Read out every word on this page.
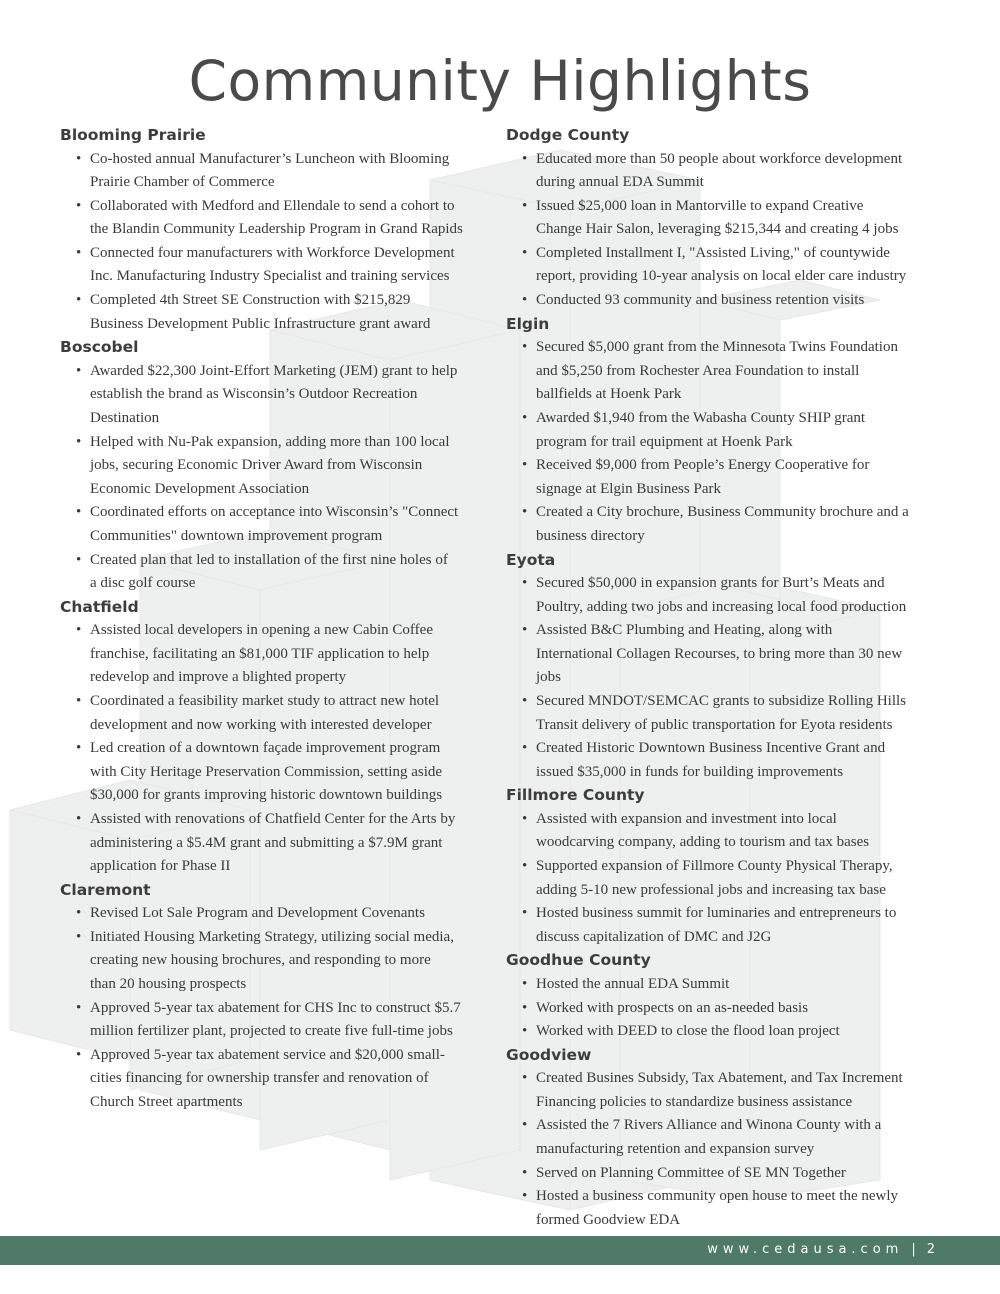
Community Highlights
Blooming Prairie
• Co-hosted annual Manufacturer’s Luncheon with Blooming
Prairie Chamber of Commerce
• Collaborated with Medford and Ellendale to send a cohort to
the Blandin Community Leadership Program in Grand Rapids
• Connected four manufacturers with Workforce Development
Inc. Manufacturing Industry Specialist and training services
• Completed 4th Street SE Construction with $215,829
Business Development Public Infrastructure grant award
Boscobel
• Awarded $22,300 Joint-Effort Marketing (JEM) grant to help
establish the brand as Wisconsin’s Outdoor Recreation
Destination
• Helped with Nu-Pak expansion, adding more than 100 local
jobs, securing Economic Driver Award from Wisconsin
Economic Development Association
• Coordinated efforts on acceptance into Wisconsin’s "Connect
Communities" downtown improvement program
• Created plan that led to installation of the first nine holes of
a disc golf course
Chatfield
• Assisted local developers in opening a new Cabin Coffee
franchise, facilitating an $81,000 TIF application to help
redevelop and improve a blighted property
• Coordinated a feasibility market study to attract new hotel
development and now working with interested developer
• Led creation of a downtown façade improvement program
with City Heritage Preservation Commission, setting aside
$30,000 for grants improving historic downtown buildings
• Assisted with renovations of Chatfield Center for the Arts by
administering a $5.4M grant and submitting a $7.9M grant
application for Phase II
Claremont
• Revised Lot Sale Program and Development Covenants
• Initiated Housing Marketing Strategy, utilizing social media,
creating new housing brochures, and responding to more
than 20 housing prospects
• Approved 5-year tax abatement for CHS Inc to construct $5.7
million fertilizer plant, projected to create five full-time jobs
• Approved 5-year tax abatement service and $20,000 small-
cities financing for ownership transfer and renovation of
Church Street apartments
Dodge County
• Educated more than 50 people about workforce development
during annual EDA Summit
• Issued $25,000 loan in Mantorville to expand Creative
Change Hair Salon, leveraging $215,344 and creating 4 jobs
• Completed Installment I, "Assisted Living," of countywide
report, providing 10-year analysis on local elder care industry
• Conducted 93 community and business retention visits
Elgin
• Secured $5,000 grant from the Minnesota Twins Foundation
and $5,250 from Rochester Area Foundation to install
ballfields at Hoenk Park
• Awarded $1,940 from the Wabasha County SHIP grant
program for trail equipment at Hoenk Park
• Received $9,000 from People’s Energy Cooperative for
signage at Elgin Business Park
• Created a City brochure, Business Community brochure and a
business directory
Eyota
• Secured $50,000 in expansion grants for Burt’s Meats and
Poultry, adding two jobs and increasing local food production
• Assisted B&C Plumbing and Heating, along with
International Collagen Recourses, to bring more than 30 new
jobs
• Secured MNDOT/SEMCAC grants to subsidize Rolling Hills
Transit delivery of public transportation for Eyota residents
• Created Historic Downtown Business Incentive Grant and
issued $35,000 in funds for building improvements
Fillmore County
• Assisted with expansion and investment into local
woodcarving company, adding to tourism and tax bases
• Supported expansion of Fillmore County Physical Therapy,
adding 5-10 new professional jobs and increasing tax base
• Hosted business summit for luminaries and entrepreneurs to
discuss capitalization of DMC and J2G
Goodhue County
• Hosted the annual EDA Summit
• Worked with prospects on an as-needed basis
• Worked with DEED to close the flood loan project
Goodview
• Created Busines Subsidy, Tax Abatement, and Tax Increment
Financing policies to standardize business assistance
• Assisted the 7 Rivers Alliance and Winona County with a
manufacturing retention and expansion survey
• Served on Planning Committee of SE MN Together
• Hosted a business community open house to meet the newly
formed Goodview EDA
www.cedausa.com | 2
